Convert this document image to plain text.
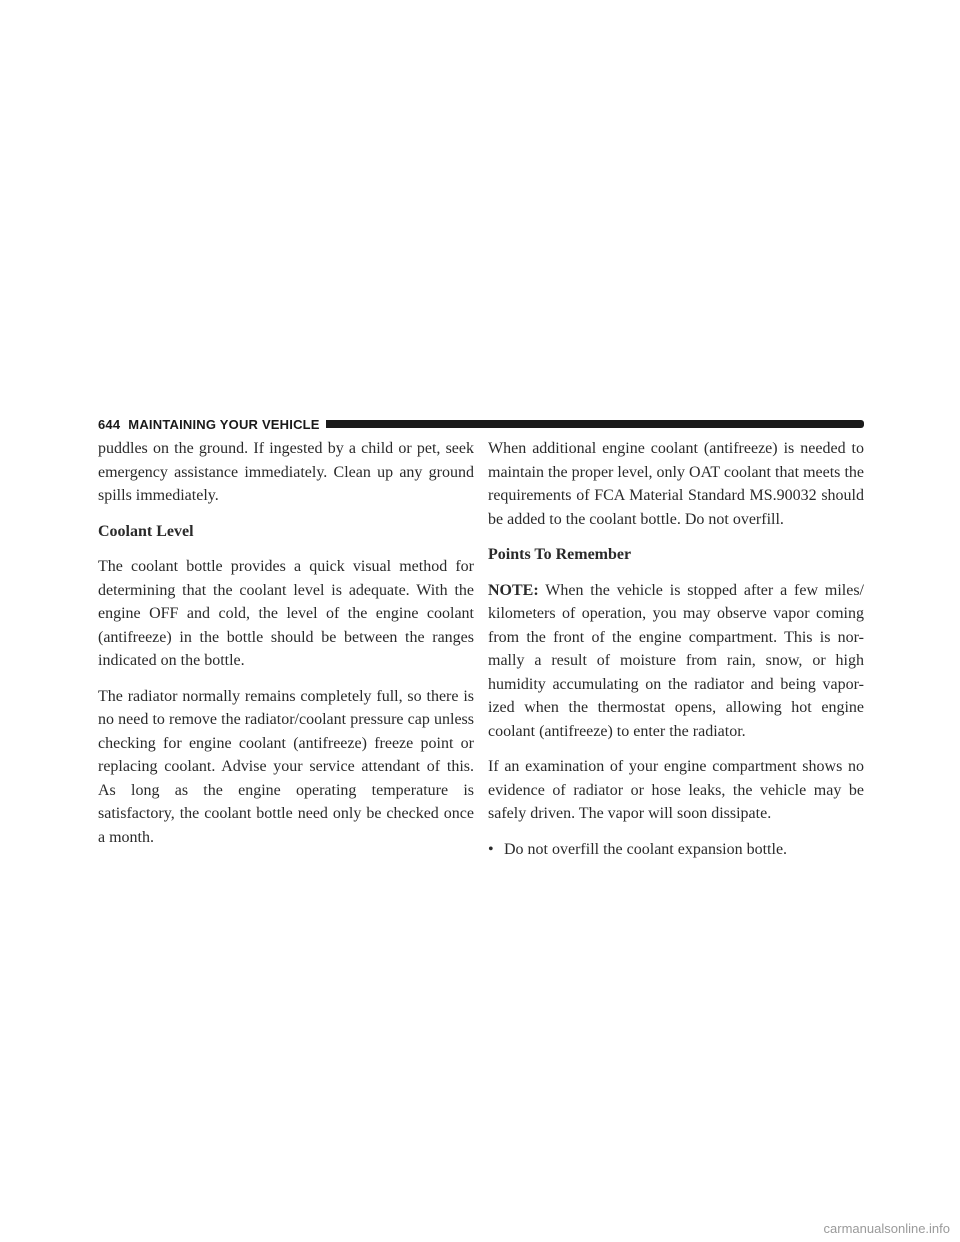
644 MAINTAINING YOUR VEHICLE

puddles on the ground. If ingested by a child or pet, seek emergency assistance immediately. Clean up any ground spills immediately.

Coolant Level

The coolant bottle provides a quick visual method for determining that the coolant level is adequate. With the engine OFF and cold, the level of the engine coolant (antifreeze) in the bottle should be between the ranges indicated on the bottle.

The radiator normally remains completely full, so there is no need to remove the radiator/coolant pressure cap unless checking for engine coolant (antifreeze) freeze point or replacing coolant. Advise your service attendant of this. As long as the engine operating temperature is satisfactory, the coolant bottle need only be checked once a month.

When additional engine coolant (antifreeze) is needed to maintain the proper level, only OAT coolant that meets the requirements of FCA Material Standard MS.90032 should be added to the coolant bottle. Do not overfill.

Points To Remember

NOTE: When the vehicle is stopped after a few miles/ kilometers of operation, you may observe vapor coming from the front of the engine compartment. This is nor-mally a result of moisture from rain, snow, or high humidity accumulating on the radiator and being vapor-ized when the thermostat opens, allowing hot engine coolant (antifreeze) to enter the radiator.

If an examination of your engine compartment shows no evidence of radiator or hose leaks, the vehicle may be safely driven. The vapor will soon dissipate.

• Do not overfill the coolant expansion bottle.
carmanualsonline.info
